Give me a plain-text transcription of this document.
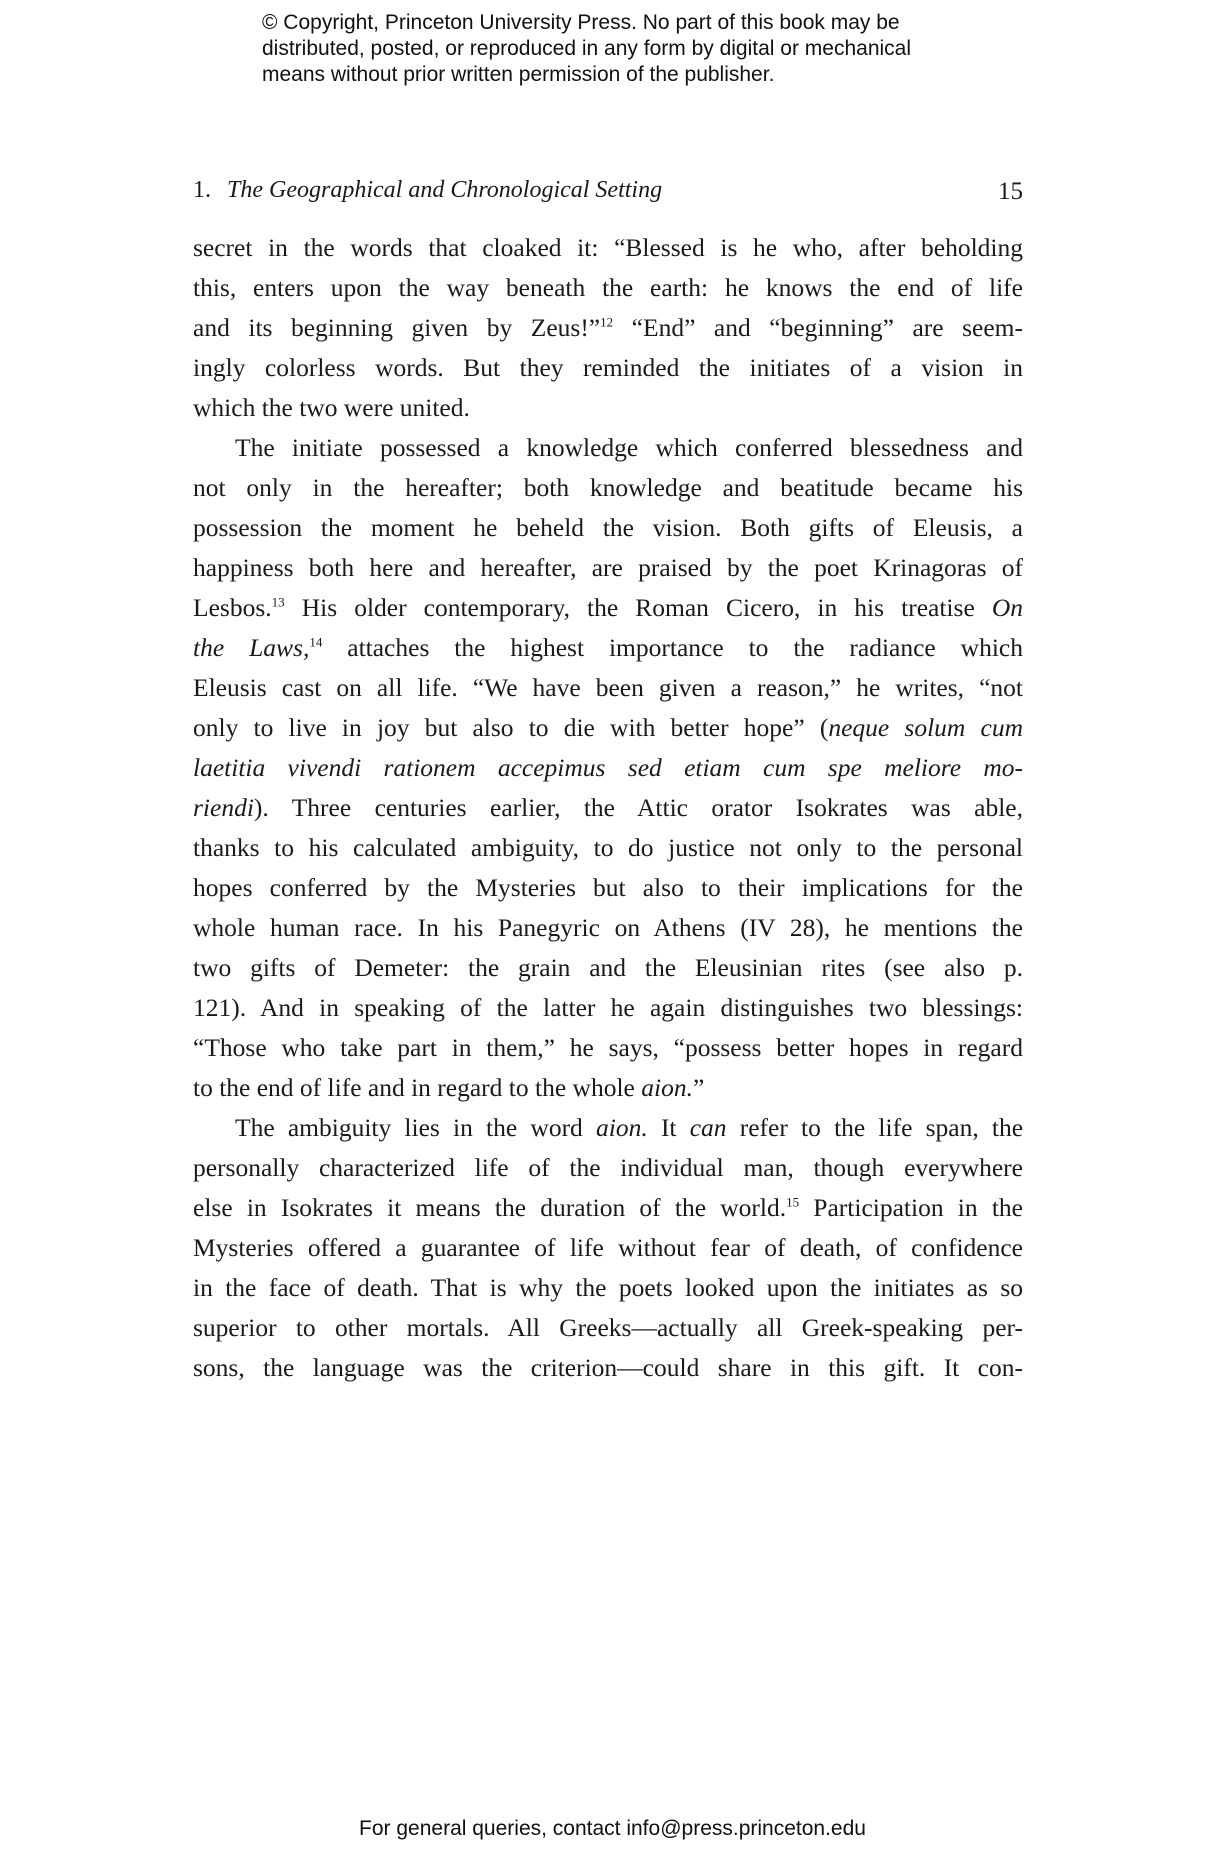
© Copyright, Princeton University Press. No part of this book may be
distributed, posted, or reproduced in any form by digital or mechanical
means without prior written permission of the publisher.
1. The Geographical and Chronological Setting	15
secret in the words that cloaked it: “Blessed is he who, after beholding
this, enters upon the way beneath the earth: he knows the end of life
and its beginning given by Zeus!”$^{12}$ “End” and “beginning” are seem-
ingly colorless words. But they reminded the initiates of a vision in
which the two were united.
The initiate possessed a knowledge which conferred blessedness and
not only in the hereafter; both knowledge and beatitude became his
possession the moment he beheld the vision. Both gifts of Eleusis, a
happiness both here and hereafter, are praised by the poet Krinagoras of
Lesbos.$^{13}$ His older contemporary, the Roman Cicero, in his treatise On
the Laws,$^{14}$ attaches the highest importance to the radiance which
Eleusis cast on all life. “We have been given a reason,” he writes, “not
only to live in joy but also to die with better hope” (neque solum cum
laetitia vivendi rationem accepimus sed etiam cum spe meliore mo-
riendi). Three centuries earlier, the Attic orator Isokrates was able,
thanks to his calculated ambiguity, to do justice not only to the personal
hopes conferred by the Mysteries but also to their implications for the
whole human race. In his Panegyric on Athens (IV 28), he mentions the
two gifts of Demeter: the grain and the Eleusinian rites (see also p.
121). And in speaking of the latter he again distinguishes two blessings:
“Those who take part in them,” he says, “possess better hopes in regard
to the end of life and in regard to the whole aion.”
The ambiguity lies in the word aion. It can refer to the life span, the
personally characterized life of the individual man, though everywhere
else in Isokrates it means the duration of the world.$^{15}$ Participation in the
Mysteries offered a guarantee of life without fear of death, of confidence
in the face of death. That is why the poets looked upon the initiates as so
superior to other mortals. All Greeks—actually all Greek-speaking per-
sons, the language was the criterion—could share in this gift. It con-
For general queries, contact info@press.princeton.edu
